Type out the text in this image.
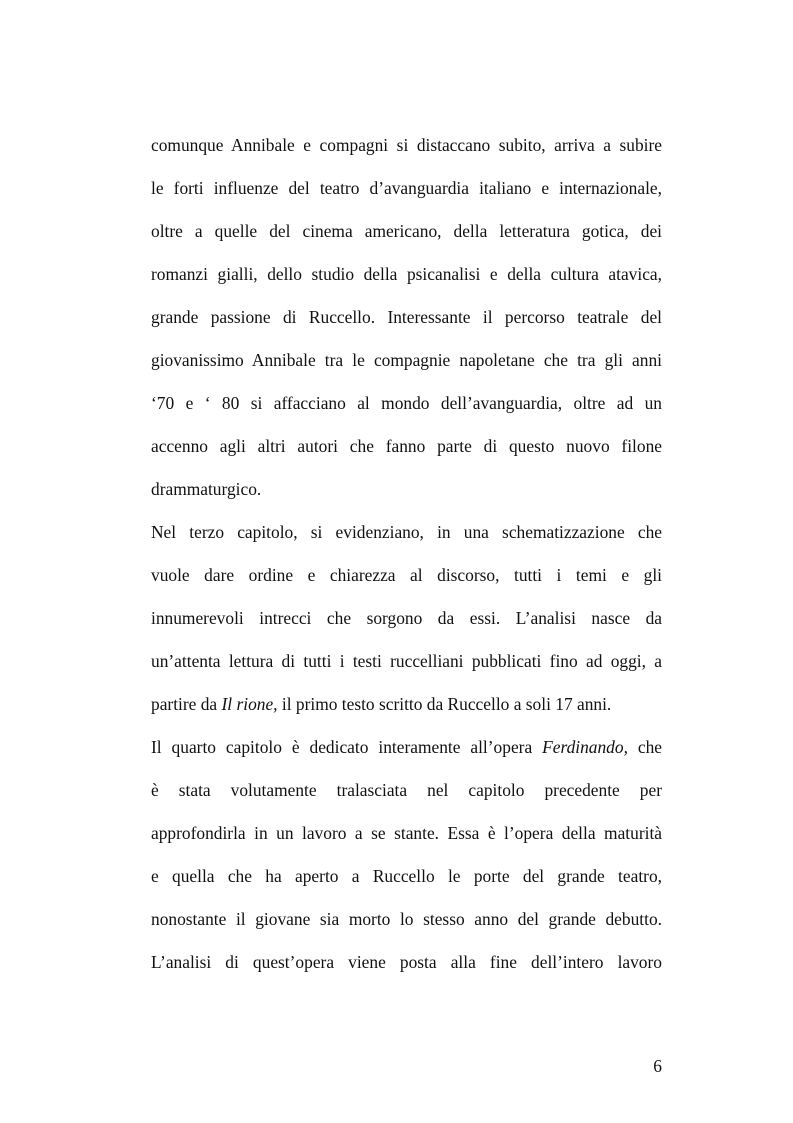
comunque Annibale e compagni si distaccano subito, arriva a subire
le forti influenze del teatro d’avanguardia italiano e internazionale,
oltre a quelle del cinema americano, della letteratura gotica, dei
romanzi gialli, dello studio della psicanalisi e della cultura atavica,
grande passione di Ruccello. Interessante il percorso teatrale del
giovanissimo Annibale tra le compagnie napoletane che tra gli anni
‘70 e ‘ 80 si affacciano al mondo dell’avanguardia, oltre ad un
accenno agli altri autori che fanno parte di questo nuovo filone
drammaturgico.
Nel terzo capitolo, si evidenziano, in una schematizzazione che
vuole dare ordine e chiarezza al discorso, tutti i temi e gli
innumerevoli intrecci che sorgono da essi. L’analisi nasce da
un’attenta lettura di tutti i testi ruccelliani pubblicati fino ad oggi, a
partire da Il rione, il primo testo scritto da Ruccello a soli 17 anni.
Il quarto capitolo è dedicato interamente all’opera Ferdinando, che
è stata volutamente tralasciata nel capitolo precedente per
approfondirla in un lavoro a se stante. Essa è l’opera della maturità
e quella che ha aperto a Ruccello le porte del grande teatro,
nonostante il giovane sia morto lo stesso anno del grande debutto.
L’analisi di quest’opera viene posta alla fine dell’intero lavoro
6
